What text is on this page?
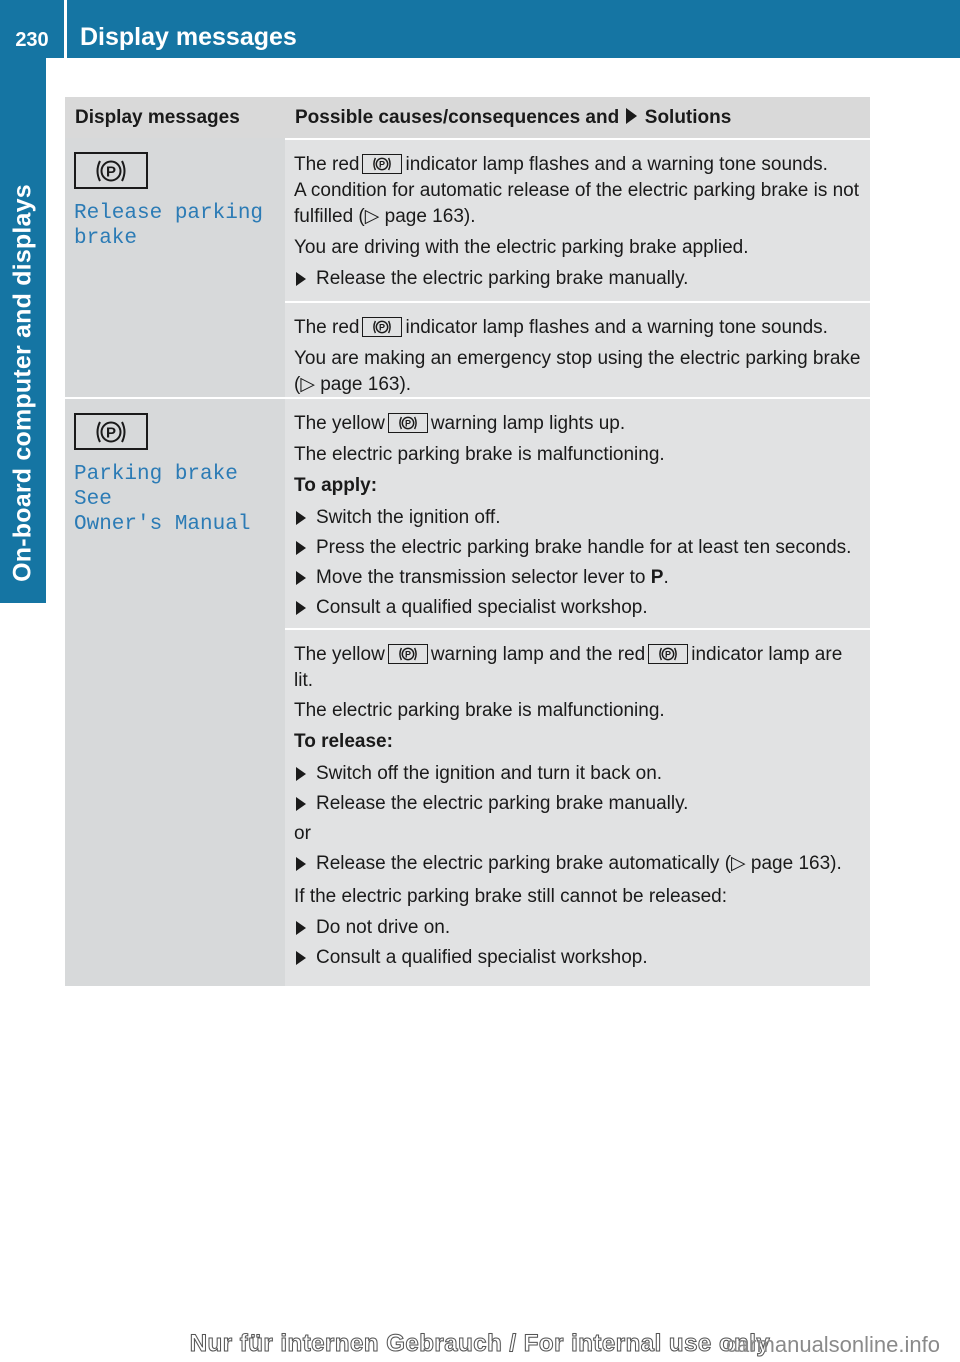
230	Display messages
On-board computer and displays
Display messages	Possible causes/consequences and Solutions
P
Release parking
brake
The red P indicator lamp flashes and a warning tone sounds.
A condition for automatic release of the electric parking brake is not fulfilled (▷ page 163).
You are driving with the electric parking brake applied.
Release the electric parking brake manually.
The red P indicator lamp flashes and a warning tone sounds.
You are making an emergency stop using the electric parking brake (▷ page 163).
P
Parking brake See
Owner's Manual
The yellow P warning lamp lights up.
The electric parking brake is malfunctioning.
To apply:
Switch the ignition off.
Press the electric parking brake handle for at least ten seconds.
Move the transmission selector lever to P.
Consult a qualified specialist workshop.
The yellow P warning lamp and the red P indicator lamp are lit.
The electric parking brake is malfunctioning.
To release:
Switch off the ignition and turn it back on.
Release the electric parking brake manually.
or
Release the electric parking brake automatically (▷ page 163).
If the electric parking brake still cannot be released:
Do not drive on.
Consult a qualified specialist workshop.
Nur für internen Gebrauch / For internal use only
carmanualsonline.info
